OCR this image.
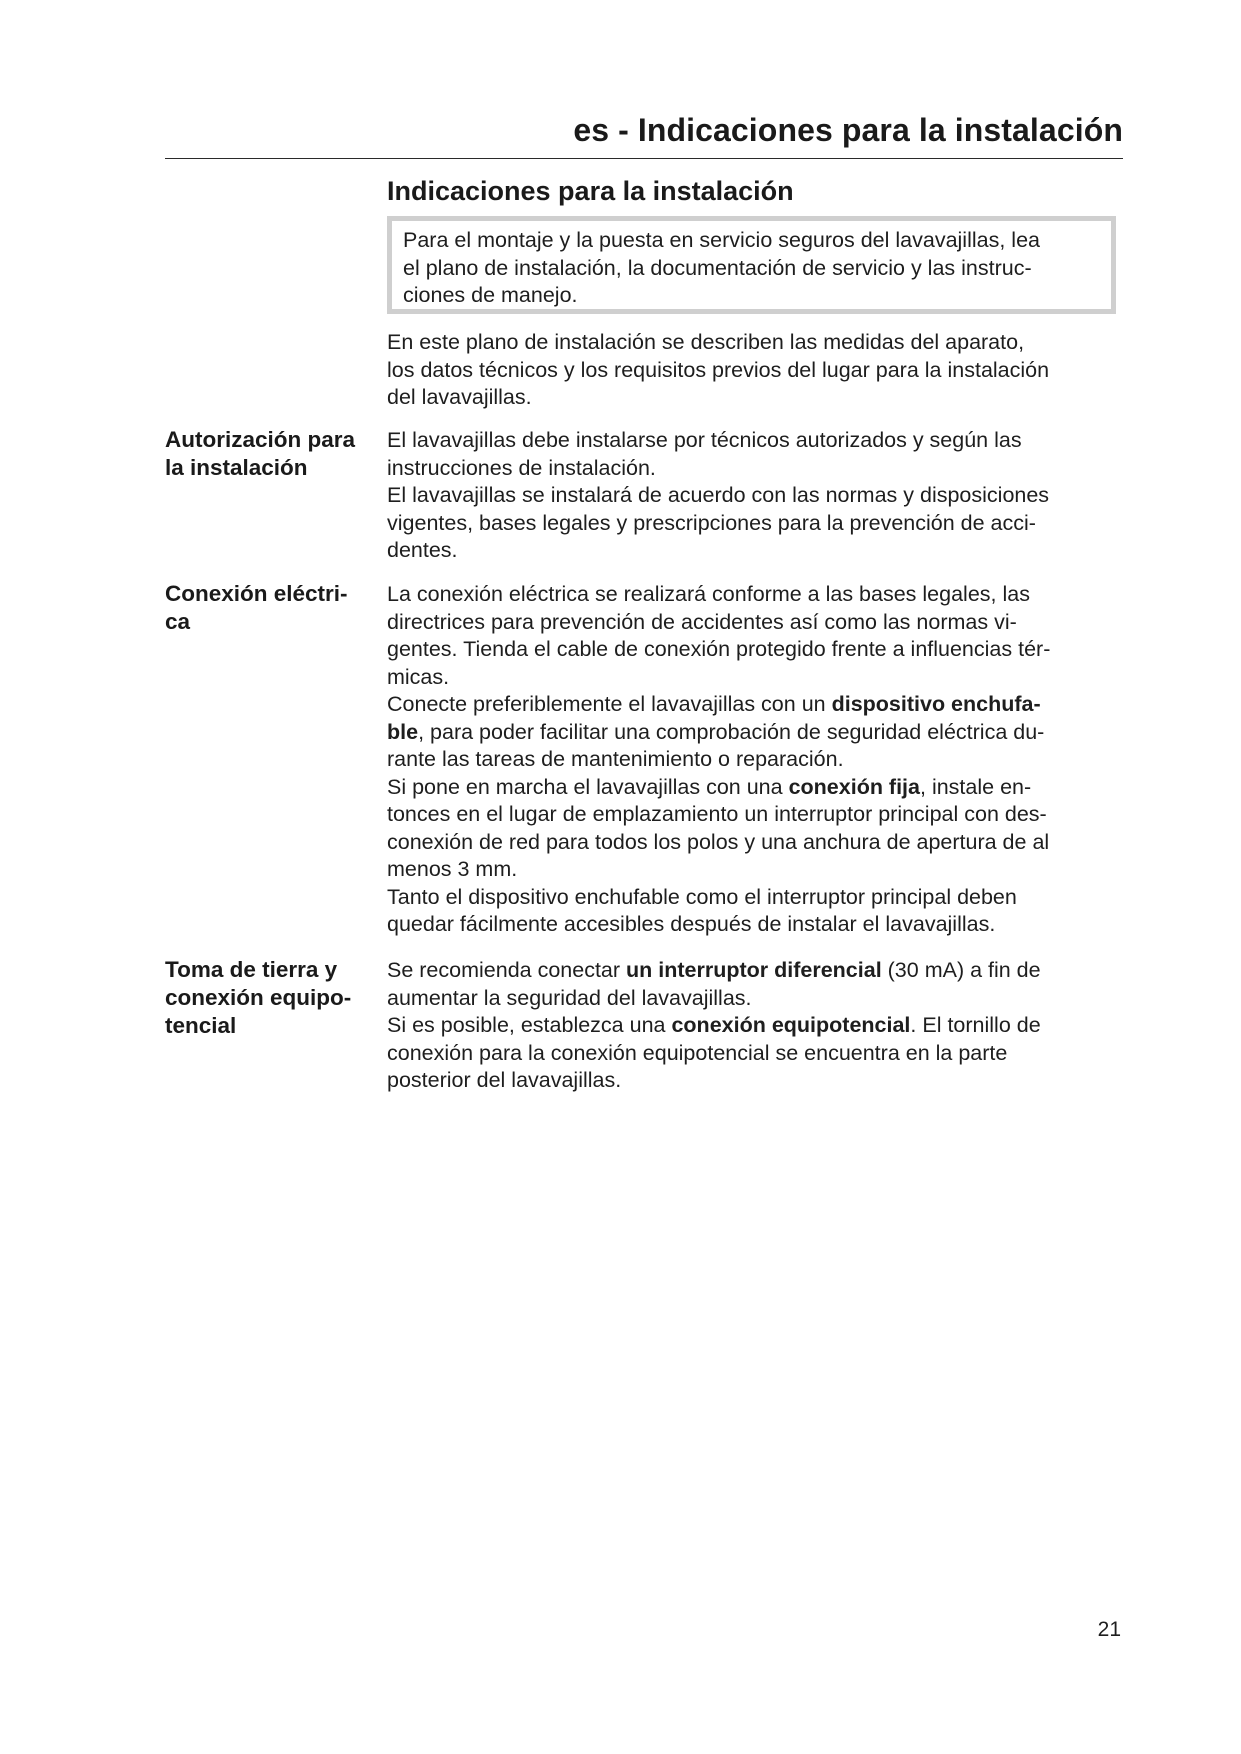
es - Indicaciones para la instalación
Indicaciones para la instalación
Para el montaje y la puesta en servicio seguros del lavavajillas, lea
el plano de instalación, la documentación de servicio y las instruc-
ciones de manejo.
En este plano de instalación se describen las medidas del aparato,
los datos técnicos y los requisitos previos del lugar para la instalación
del lavavajillas.
Autorización para
la instalación
El lavavajillas debe instalarse por técnicos autorizados y según las
instrucciones de instalación.
El lavavajillas se instalará de acuerdo con las normas y disposiciones
vigentes, bases legales y prescripciones para la prevención de acci-
dentes.
Conexión eléctri-
ca
La conexión eléctrica se realizará conforme a las bases legales, las
directrices para prevención de accidentes así como las normas vi-
gentes. Tienda el cable de conexión protegido frente a influencias tér-
micas.
Conecte preferiblemente el lavavajillas con un dispositivo enchufa-
ble, para poder facilitar una comprobación de seguridad eléctrica du-
rante las tareas de mantenimiento o reparación.
Si pone en marcha el lavavajillas con una conexión fija, instale en-
tonces en el lugar de emplazamiento un interruptor principal con des-
conexión de red para todos los polos y una anchura de apertura de al
menos 3 mm.
Tanto el dispositivo enchufable como el interruptor principal deben
quedar fácilmente accesibles después de instalar el lavavajillas.
Toma de tierra y
conexión equipo-
tencial
Se recomienda conectar un interruptor diferencial (30 mA) a fin de
aumentar la seguridad del lavavajillas.
Si es posible, establezca una conexión equipotencial. El tornillo de
conexión para la conexión equipotencial se encuentra en la parte
posterior del lavavajillas.
21
